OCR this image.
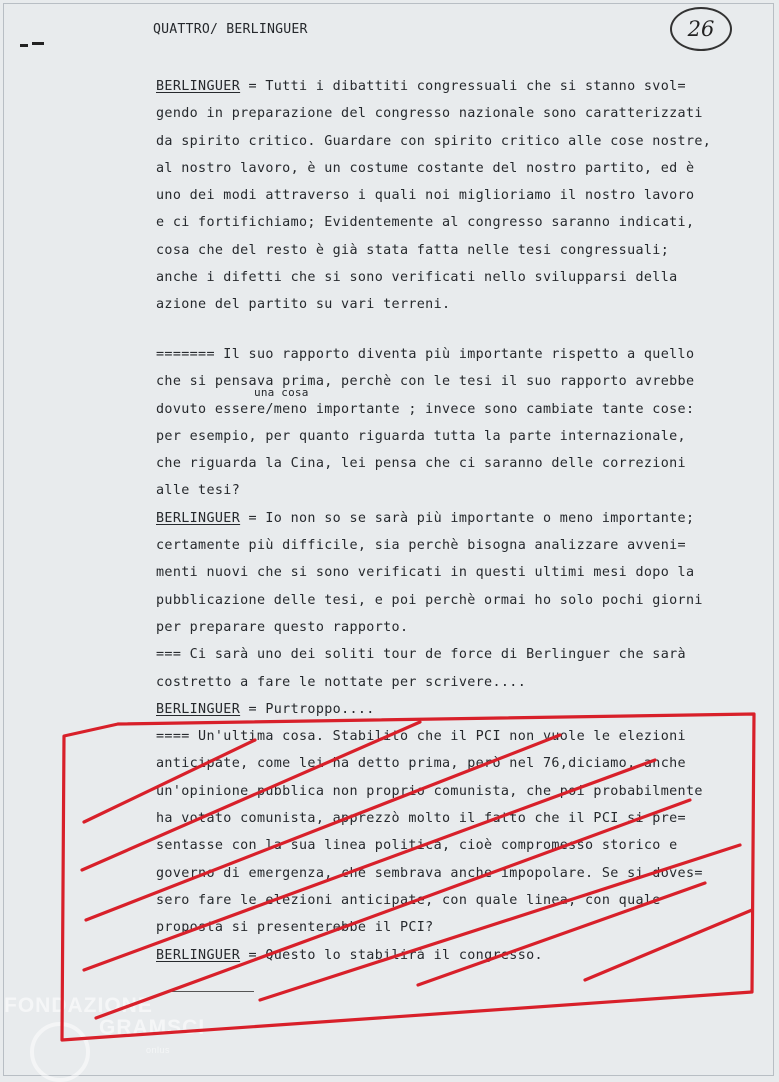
QUATTRO/ BERLINGUER	26
BERLINGUER = Tutti i dibattiti congressuali che si stanno svol=
gendo in preparazione del congresso nazionale sono caratterizzati
da spirito critico. Guardare con spirito critico alle cose nostre,
al nostro lavoro, è un costume costante del nostro partito, ed è
uno dei modi attraverso i quali noi miglioriamo il nostro lavoro
e ci fortifichiamo; Evidentemente al congresso saranno indicati,
cosa che del resto è già stata fatta nelle tesi congressuali;
anche i difetti che si sono verificati nello svilupparsi della
azione del partito su vari terreni.
======= Il suo rapporto diventa più importante rispetto a quello
che si pensava prima, perchè con le tesi il suo rapporto avrebbe
dovuto essere/meno importante ; invece sono cambiate tante cose:
per esempio, per quanto riguarda tutta la parte internazionale,
che riguarda la Cina, lei pensa che ci saranno delle correzioni
alle tesi?
BERLINGUER = Io non so se sarà più importante o meno importante;
certamente più difficile, sia perchè bisogna analizzare avveni=
menti nuovi che si sono verificati in questi ultimi mesi dopo la
pubblicazione delle tesi, e poi perchè ormai ho solo pochi giorni
per preparare questo rapporto.
=== Ci sarà uno dei soliti tour de force di Berlinguer che sarà
costretto a fare le nottate per scrivere....
BERLINGUER = Purtroppo....
==== Un'ultima cosa. Stabilito che il PCI non vuole le elezioni
anticipate, come lei ha detto prima, però nel 76,diciamo, anche
un'opinione pubblica non proprio comunista, che poi probabilmente
ha votato comunista, apprezzò molto il fatto che il PCI si pre=
sentasse con la sua linea politica, cioè compromesso storico e
governo di emergenza, che sembrava anche impopolare. Se si doves=
sero fare le elezioni anticipate, con quale linea, con quale
proposta si presenterebbe il PCI?
BERLINGUER = Questo lo stabilirà il congresso.
una cosa
FONDAZIONE
GRAMSCI
onlus
